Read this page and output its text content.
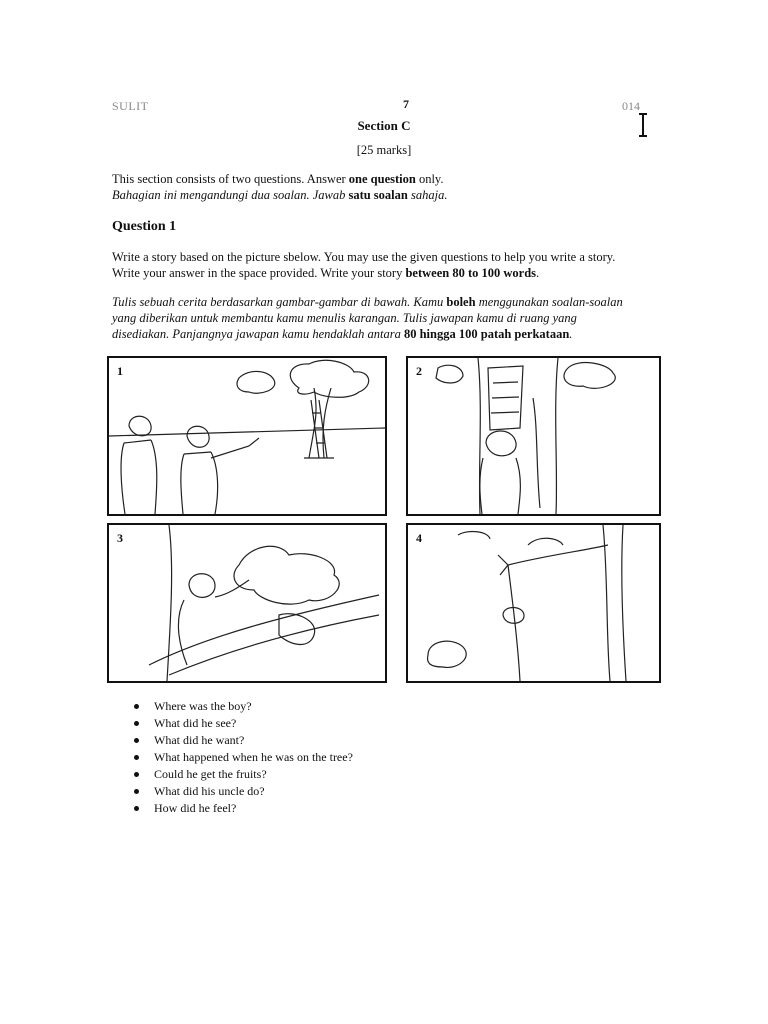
SULIT	7	014
Section C
[25 marks]
This section consists of two questions. Answer one question only.
Bahagian ini mengandungi dua soalan. Jawab satu soalan sahaja.
Question 1
Write a story based on the picture sbelow. You may use the given questions to help you write a story.
Write your answer in the space provided. Write your story between 80 to 100 words.
Tulis sebuah cerita berdasarkan gambar-gambar di bawah. Kamu boleh menggunakan soalan-soalan
yang diberikan untuk membantu kamu menulis karangan. Tulis jawapan kamu di ruang yang
disediakan. Panjangnya jawapan kamu hendaklah antara 80 hingga 100 patah perkataan.
1	2
3	4
Where was the boy?
What did he see?
What did he want?
What happened when he was on the tree?
Could he get the fruits?
What did his uncle do?
How did he feel?
